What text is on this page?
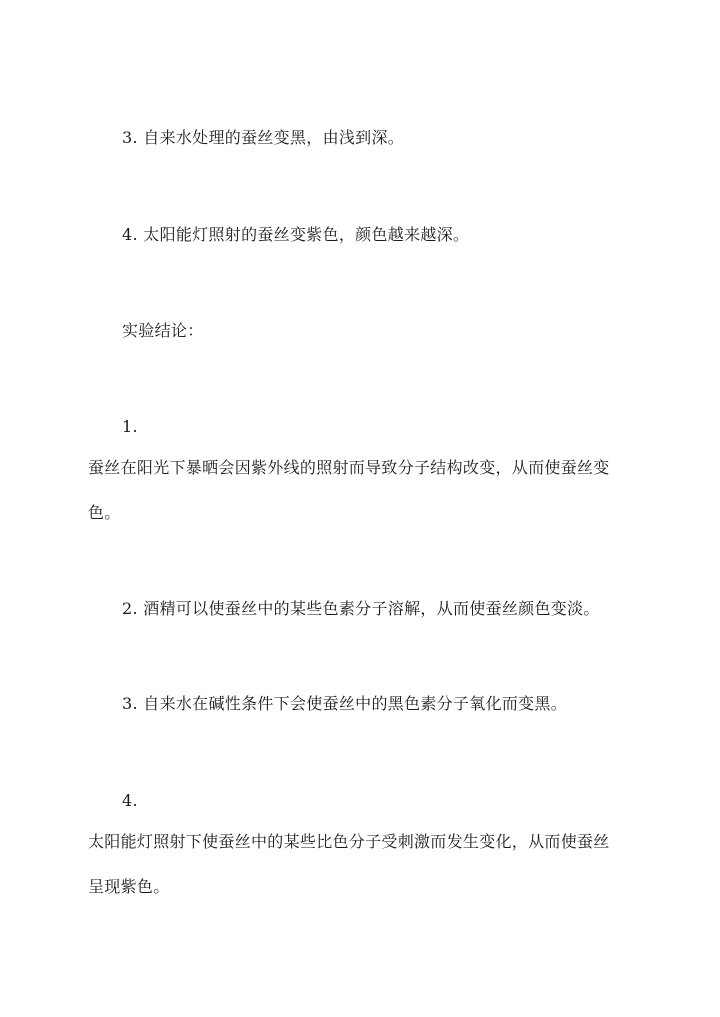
3. 自来水处理的蚕丝变黑，由浅到深。
4. 太阳能灯照射的蚕丝变紫色，颜色越来越深。
实验结论：
1.
蚕丝在阳光下暴晒会因紫外线的照射而导致分子结构改变，从而使蚕丝变
色。
2. 酒精可以使蚕丝中的某些色素分子溶解，从而使蚕丝颜色变淡。
3. 自来水在碱性条件下会使蚕丝中的黑色素分子氧化而变黑。
4.
太阳能灯照射下使蚕丝中的某些比色分子受刺激而发生变化，从而使蚕丝
呈现紫色。
